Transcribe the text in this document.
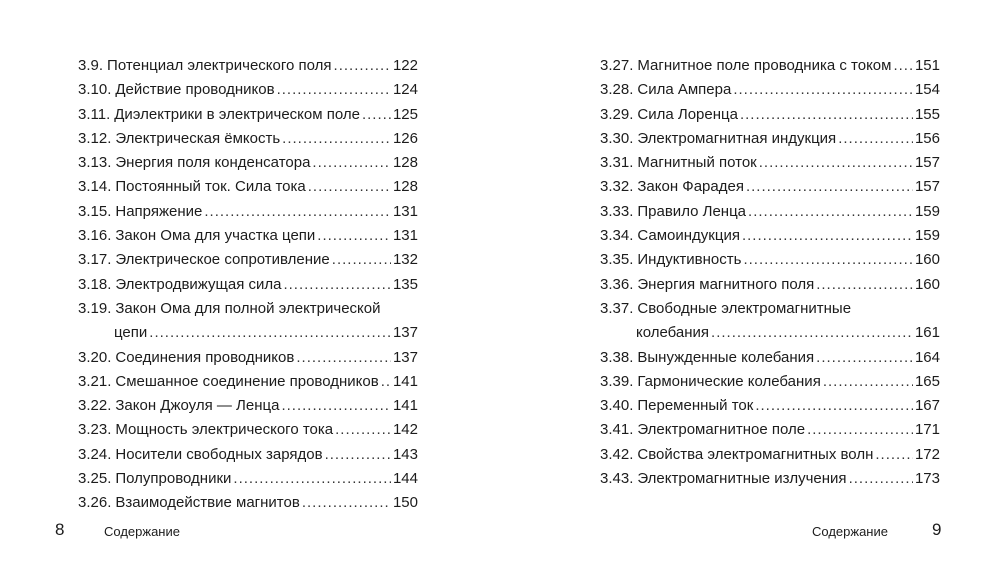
3.9. Потенциал электрического поля .....	122
3.10. Действие проводников .....	124
3.11. Диэлектрики в электрическом поле ..... 125
3.12. Электрическая ёмкость .....	126
3.13. Энергия поля конденсатора .....	128
3.14. Постоянный ток. Сила тока .....	128
3.15. Напряжение .....	131
3.16. Закон Ома для участка цепи .....	131
3.17. Электрическое сопротивление .....	132
3.18. Электродвижущая сила .....	135
3.19. Закон Ома для полной электрической
цепи .....	137
3.20. Соединения проводников .....	137
3.21. Смешанное соединение проводников ..... 141
3.22. Закон Джоуля — Ленца .....	141
3.23. Мощность электрического тока .....	142
3.24. Носители свободных зарядов .....	143
3.25. Полупроводники .....	144
3.26. Взаимодействие магнитов .....	150
3.27. Магнитное поле проводника с током ..... 151
3.28. Сила Ампера .....	154
3.29. Сила Лоренца .....	155
3.30. Электромагнитная индукция .....	156
3.31. Магнитный поток .....	157
3.32. Закон Фарадея .....	157
3.33. Правило Ленца .....	159
3.34. Самоиндукция .....	159
3.35. Индуктивность .....	160
3.36. Энергия магнитного поля .....	160
3.37. Свободные электромагнитные
колебания .....	161
3.38. Вынужденные колебания .....	164
3.39. Гармонические колебания .....	165
3.40. Переменный ток .....	167
3.41. Электромагнитное поле .....	171
3.42. Свойства электромагнитных волн .....	172
3.43. Электромагнитные излучения .....	173
8	Содержание	Содержание	9
